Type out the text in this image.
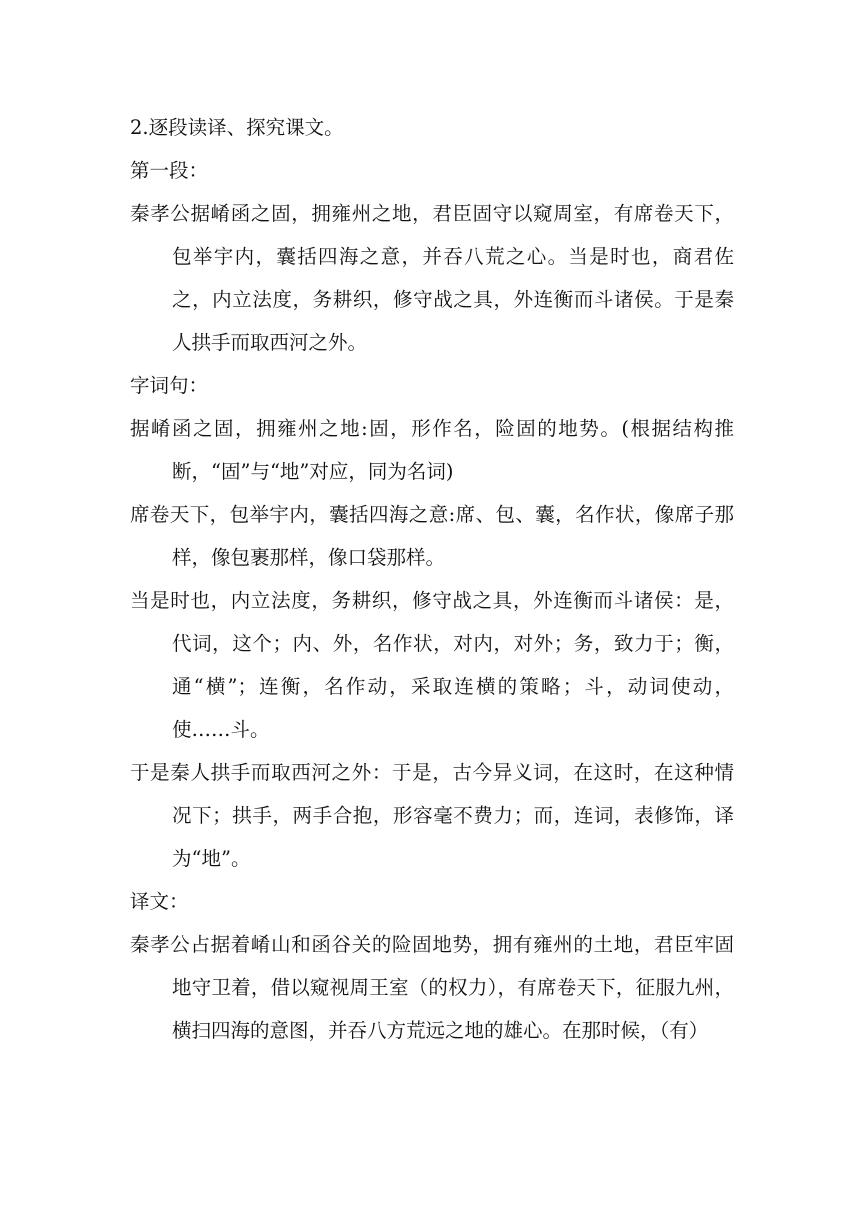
2.逐段读译、探究课文。

第一段：

秦孝公据崤函之固，拥雍州之地，君臣固守以窥周室，有席卷天下，包举宇内，囊括四海之意，并吞八荒之心。当是时也，商君佐之，内立法度，务耕织，修守战之具，外连衡而斗诸侯。于是秦人拱手而取西河之外。

字词句：

据崤函之固，拥雍州之地:固，形作名，险固的地势。(根据结构推断，“固”与“地”对应，同为名词)

席卷天下，包举宇内，囊括四海之意:席、包、囊，名作状，像席子那样，像包裹那样，像口袋那样。

当是时也，内立法度，务耕织，修守战之具，外连衡而斗诸侯：是，代词，这个；内、外，名作状，对内，对外；务，致力于；衡，通“横”；连衡，名作动，采取连横的策略；斗，动词使动，使……斗。

于是秦人拱手而取西河之外：于是，古今异义词，在这时，在这种情况下；拱手，两手合抱，形容毫不费力；而，连词，表修饰，译为“地”。

译文：

秦孝公占据着崤山和函谷关的险固地势，拥有雍州的土地，君臣牢固地守卫着，借以窥视周王室（的权力），有席卷天下，征服九州，横扫四海的意图，并吞八方荒远之地的雄心。在那时候，（有）
